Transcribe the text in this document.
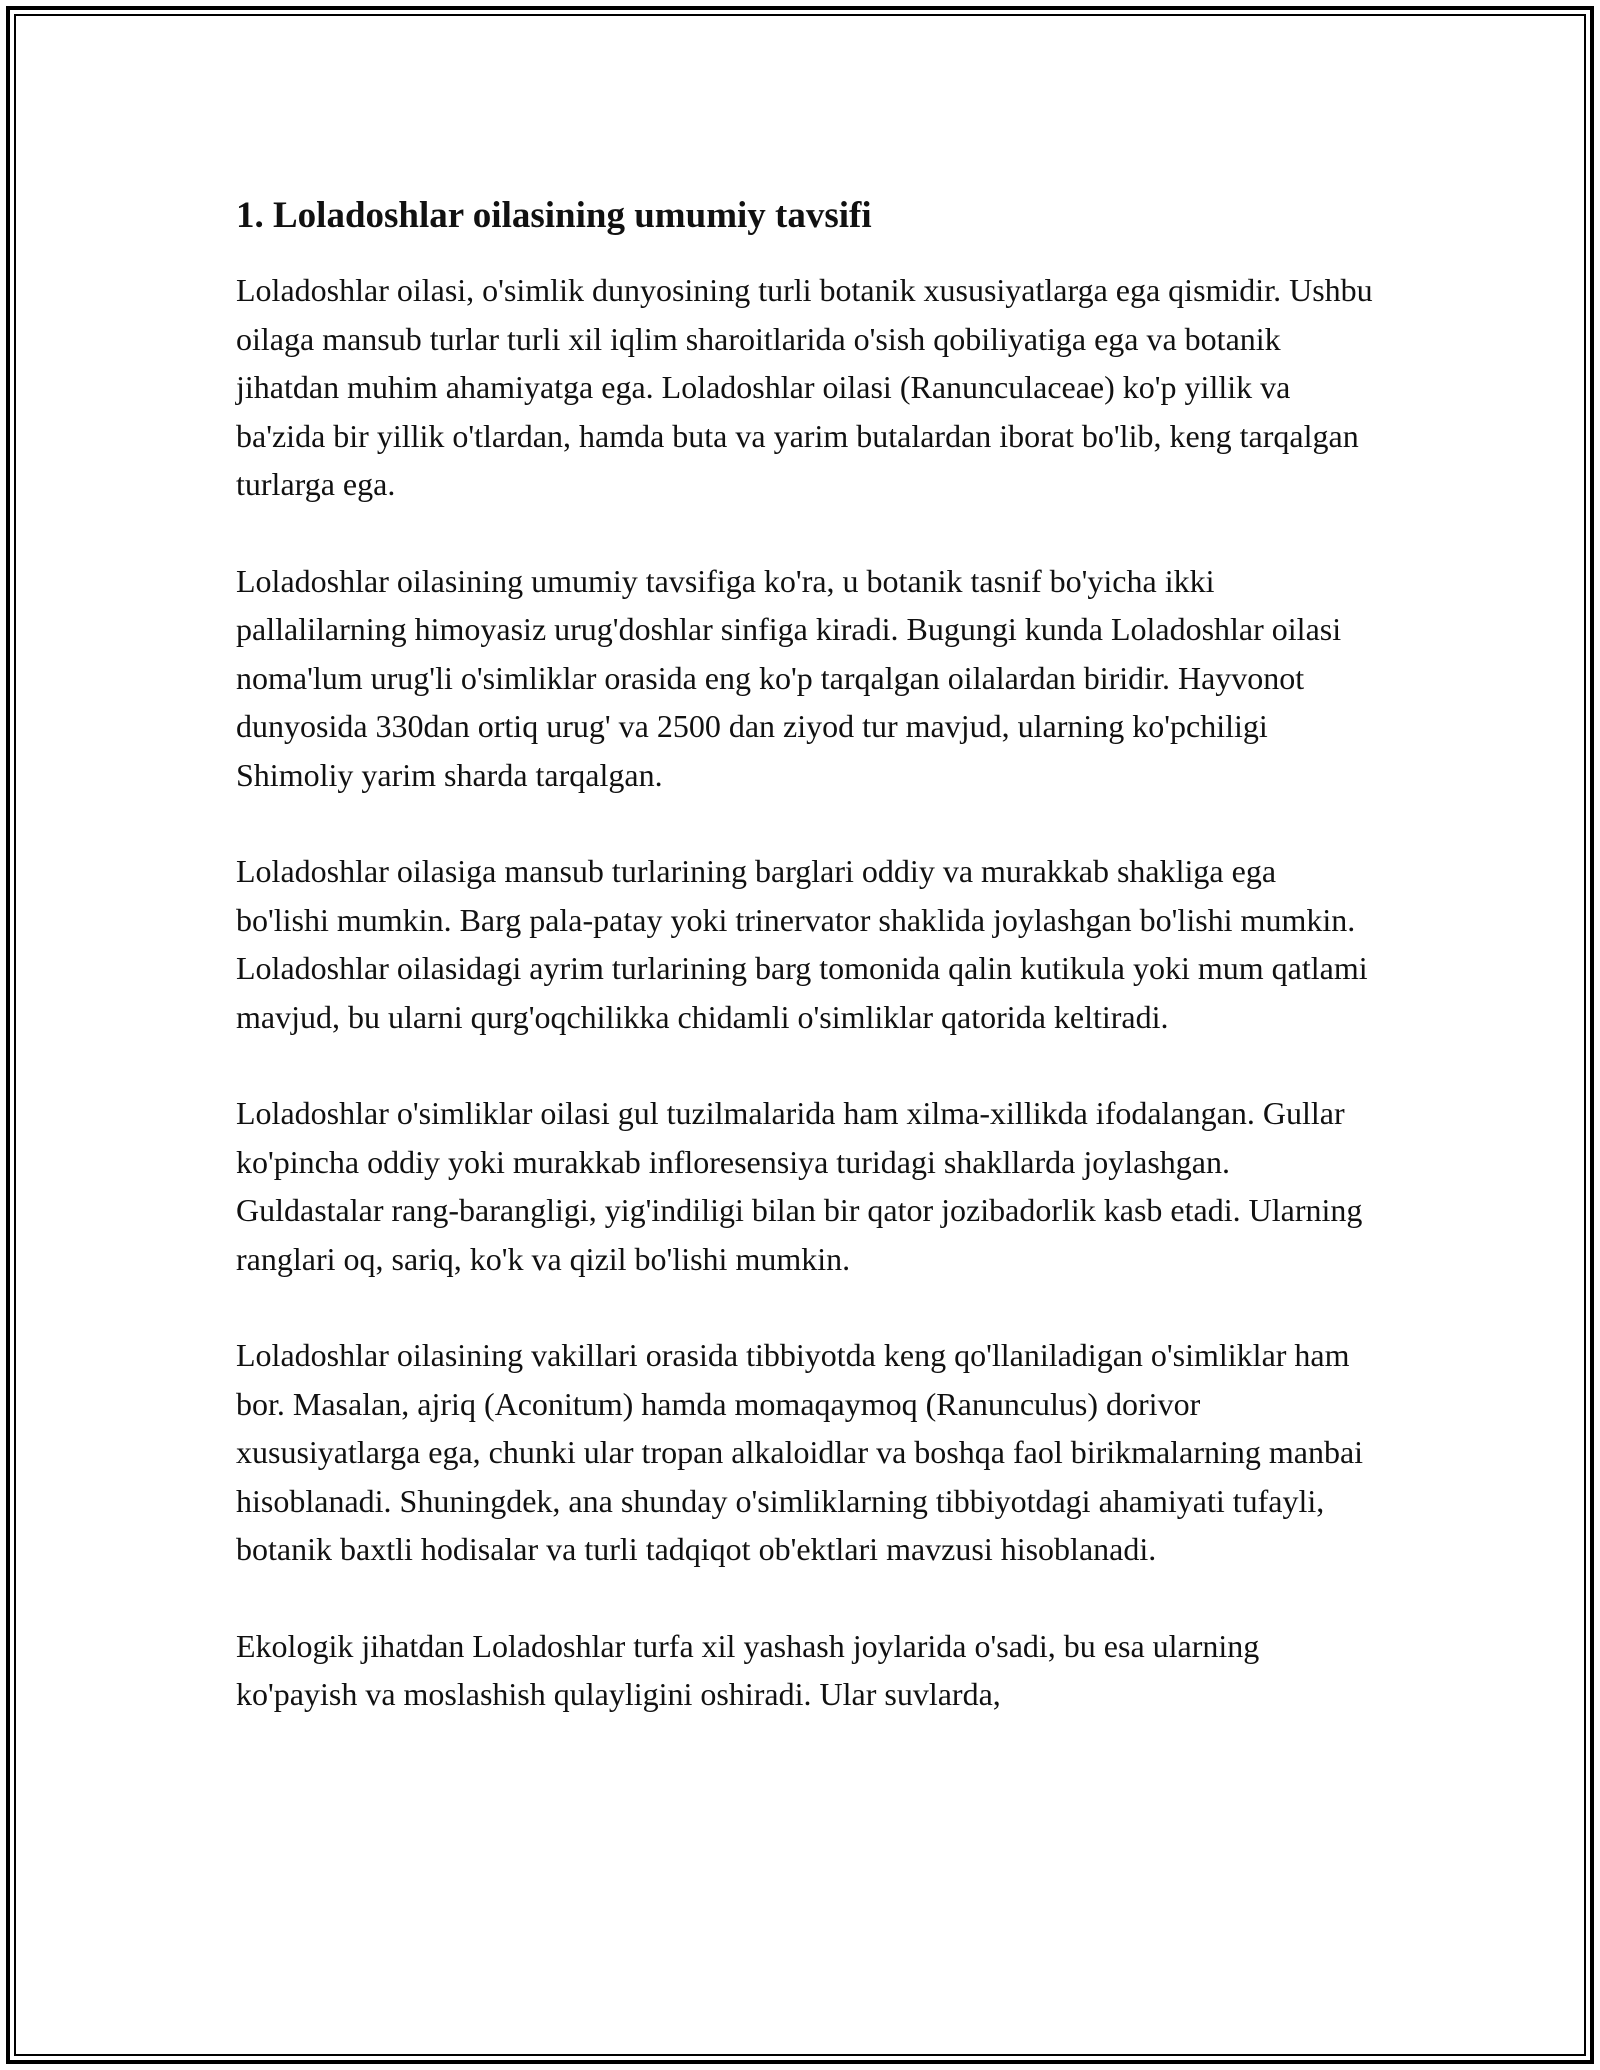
1. Loladoshlar oilasining umumiy tavsifi

Loladoshlar oilasi, o'simlik dunyosining turli botanik xususiyatlarga ega qismidir. Ushbu oilaga mansub turlar turli xil iqlim sharoitlarida o'sish qobiliyatiga ega va botanik jihatdan muhim ahamiyatga ega. Loladoshlar oilasi (Ranunculaceae) ko'p yillik va ba'zida bir yillik o'tlardan, hamda buta va yarim butalardan iborat bo'lib, keng tarqalgan turlarga ega.

Loladoshlar oilasining umumiy tavsifiga ko'ra, u botanik tasnif bo'yicha ikki pallalilarning himoyasiz urug'doshlar sinfiga kiradi. Bugungi kunda Loladoshlar oilasi noma'lum urug'li o'simliklar orasida eng ko'p tarqalgan oilalardan biridir. Hayvonot dunyosida 330dan ortiq urug' va 2500 dan ziyod tur mavjud, ularning ko'pchiligi Shimoliy yarim sharda tarqalgan.

Loladoshlar oilasiga mansub turlarining barglari oddiy va murakkab shakliga ega bo'lishi mumkin. Barg pala-patay yoki trinervator shaklida joylashgan bo'lishi mumkin. Loladoshlar oilasidagi ayrim turlarining barg tomonida qalin kutikula yoki mum qatlami mavjud, bu ularni qurg'oqchilikka chidamli o'simliklar qatorida keltiradi.

Loladoshlar o'simliklar oilasi gul tuzilmalarida ham xilma-xillikda ifodalangan. Gullar ko'pincha oddiy yoki murakkab infloresensiya turidagi shakllarda joylashgan. Guldastalar rang-barangligi, yig'indiligi bilan bir qator jozibadorlik kasb etadi. Ularning ranglari oq, sariq, ko'k va qizil bo'lishi mumkin.

Loladoshlar oilasining vakillari orasida tibbiyotda keng qo'llaniladigan o'simliklar ham bor. Masalan, ajriq (Aconitum) hamda momaqaymoq (Ranunculus) dorivor xususiyatlarga ega, chunki ular tropan alkaloidlar va boshqa faol birikmalarning manbai hisoblanadi. Shuningdek, ana shunday o'simliklarning tibbiyotdagi ahamiyati tufayli, botanik baxtli hodisalar va turli tadqiqot ob'ektlari mavzusi hisoblanadi.

Ekologik jihatdan Loladoshlar turfa xil yashash joylarida o'sadi, bu esa ularning ko'payish va moslashish qulayligini oshiradi. Ular suvlarda,
